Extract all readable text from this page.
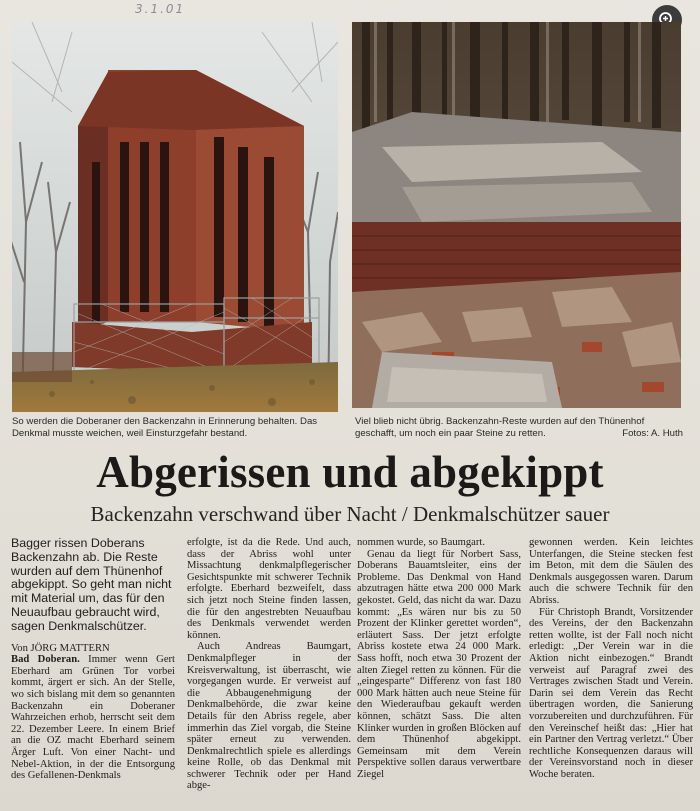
3.1.01
So werden die Doberaner den Backenzahn in Erinnerung behalten. Das Denkmal musste weichen, weil Einsturzgefahr bestand.
Viel blieb nicht übrig. Backenzahn-Reste wurden auf den Thünenhof geschafft, um noch ein paar Steine zu retten.	Fotos: A. Huth
Abgerissen und abgekippt
Backenzahn verschwand über Nacht / Denkmalschützer sauer
Bagger rissen Doberans Backenzahn ab. Die Reste wurden auf dem Thünenhof abgekippt. So geht man nicht mit Material um, das für den Neuaufbau gebraucht wird, sagen Denkmalschützer.

Von JÖRG MATTERN

Bad Doberan. Immer wenn Gert Eberhard am Grünen Tor vorbei kommt, ärgert er sich. An der Stelle, wo sich bislang mit dem so genannten Backenzahn ein Doberaner Wahrzeichen erhob, herrscht seit dem 22. Dezember Leere. In einem Brief an die OZ macht Eberhard seinem Ärger Luft. Von einer Nacht- und Nebel-Aktion, in der die Entsorgung des Gefallenen-Denkmals

erfolgte, ist da die Rede. Und auch, dass der Abriss wohl unter Missachtung denkmalpflegerischer Gesichtspunkte mit schwerer Technik erfolgte. Eberhard bezweifelt, dass sich jetzt noch Steine finden lassen, die für den angestrebten Neuaufbau des Denkmals verwendet werden können.

Auch Andreas Baumgart, Denkmalpfleger in der Kreisverwaltung, ist überrascht, wie vorgegangen wurde. Er verweist auf die Abbaugenehmigung der Denkmalbehörde, die zwar keine Details für den Abriss regele, aber immerhin das Ziel vorgab, die Steine später erneut zu verwenden. Denkmalrechtlich spiele es allerdings keine Rolle, ob das Denkmal mit schwerer Technik oder per Hand abge-

nommen wurde, so Baumgart.

Genau da liegt für Norbert Sass, Doberans Bauamtsleiter, eins der Probleme. Das Denkmal von Hand abzutragen hätte etwa 200 000 Mark gekostet. Geld, das nicht da war. Dazu kommt: „Es wären nur bis zu 50 Prozent der Klinker gerettet worden“, erläutert Sass. Der jetzt erfolgte Abriss kostete etwa 24 000 Mark. Sass hofft, noch etwa 30 Prozent der alten Ziegel retten zu können. Für die „eingesparte“ Differenz von fast 180 000 Mark hätten auch neue Steine für den Wiederaufbau gekauft werden können, schätzt Sass. Die alten Klinker wurden in großen Blöcken auf dem Thünenhof abgekippt. Gemeinsam mit dem Verein Perspektive sollen daraus verwertbare Ziegel

gewonnen werden. Kein leichtes Unterfangen, die Steine stecken fest im Beton, mit dem die Säulen des Denkmals ausgegossen waren. Darum auch die schwere Technik für den Abriss.

Für Christoph Brandt, Vorsitzender des Vereins, der den Backenzahn retten wollte, ist der Fall noch nicht erledigt: „Der Verein war in die Aktion nicht einbezogen.“ Brandt verweist auf Paragraf zwei des Vertrages zwischen Stadt und Verein. Darin sei dem Verein das Recht übertragen worden, die Sanierung vorzubereiten und durchzuführen. Für den Vereinschef heißt das: „Hier hat ein Partner den Vertrag verletzt.“ Über rechtliche Konsequenzen daraus will der Vereinsvorstand noch in dieser Woche beraten.
